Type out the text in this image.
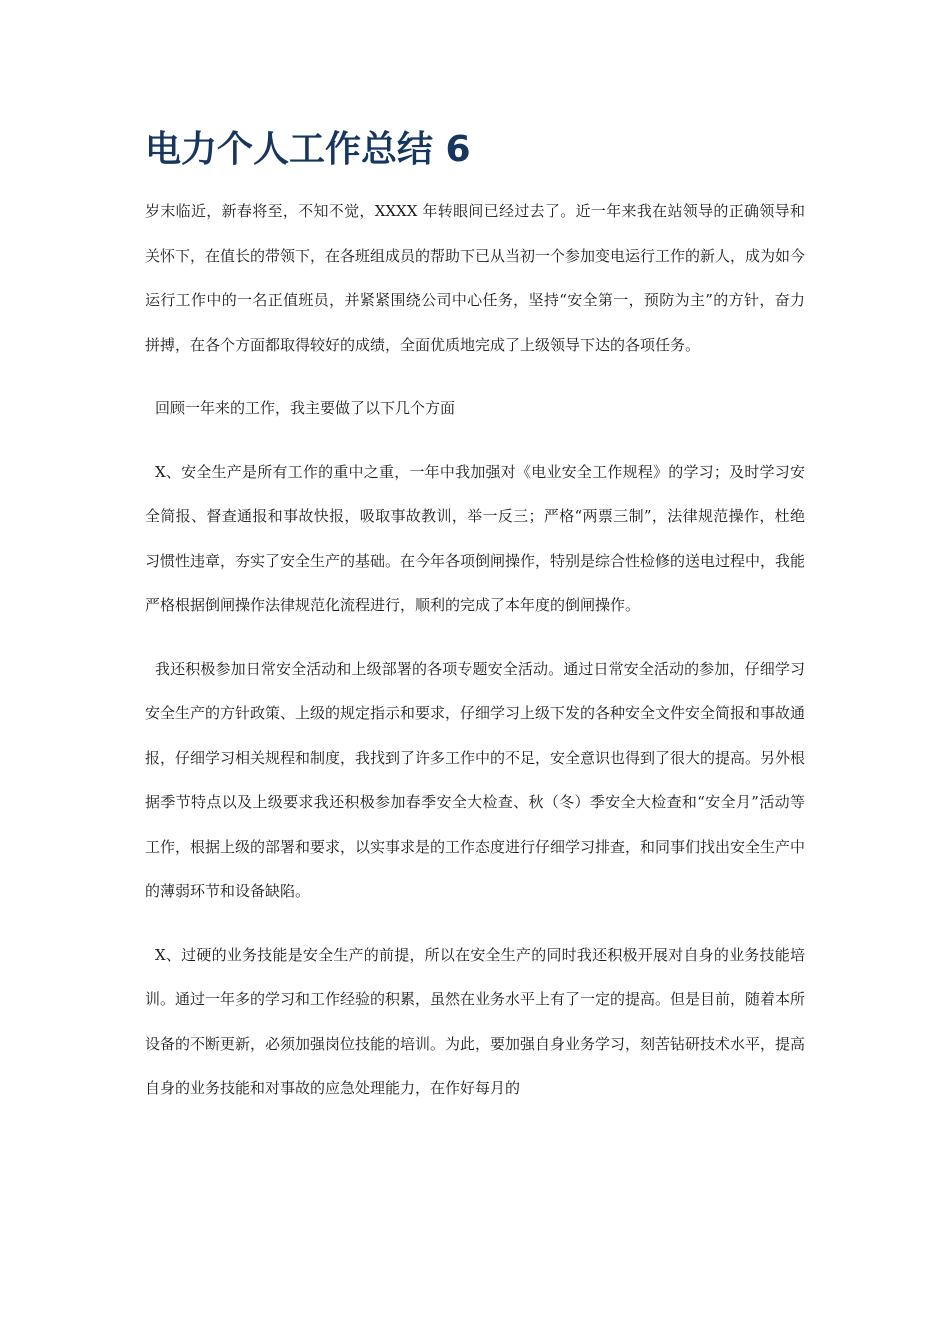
电力个人工作总结 6

岁末临近，新春将至，不知不觉，XXXX 年转眼间已经过去了。近一年来我在站领导的正确领导和关怀下，在值长的带领下，在各班组成员的帮助下已从当初一个参加变电运行工作的新人，成为如今运行工作中的一名正值班员，并紧紧围绕公司中心任务，坚持“安全第一，预防为主”的方针，奋力拼搏，在各个方面都取得较好的成绩，全面优质地完成了上级领导下达的各项任务。

回顾一年来的工作，我主要做了以下几个方面

X、安全生产是所有工作的重中之重，一年中我加强对《电业安全工作规程》的学习；及时学习安全简报、督查通报和事故快报，吸取事故教训，举一反三；严格“两票三制”，法律规范操作，杜绝习惯性违章，夯实了安全生产的基础。在今年各项倒闸操作，特别是综合性检修的送电过程中，我能严格根据倒闸操作法律规范化流程进行，顺利的完成了本年度的倒闸操作。

我还积极参加日常安全活动和上级部署的各项专题安全活动。通过日常安全活动的参加，仔细学习安全生产的方针政策、上级的规定指示和要求，仔细学习上级下发的各种安全文件安全简报和事故通报，仔细学习相关规程和制度，我找到了许多工作中的不足，安全意识也得到了很大的提高。另外根据季节特点以及上级要求我还积极参加春季安全大检查、秋（冬）季安全大检查和“安全月”活动等工作，根据上级的部署和要求，以实事求是的工作态度进行仔细学习排查，和同事们找出安全生产中的薄弱环节和设备缺陷。

X、过硬的业务技能是安全生产的前提，所以在安全生产的同时我还积极开展对自身的业务技能培训。通过一年多的学习和工作经验的积累，虽然在业务水平上有了一定的提高。但是目前，随着本所设备的不断更新，必须加强岗位技能的培训。为此，要加强自身业务学习，刻苦钻研技术水平，提高自身的业务技能和对事故的应急处理能力，在作好每月的
